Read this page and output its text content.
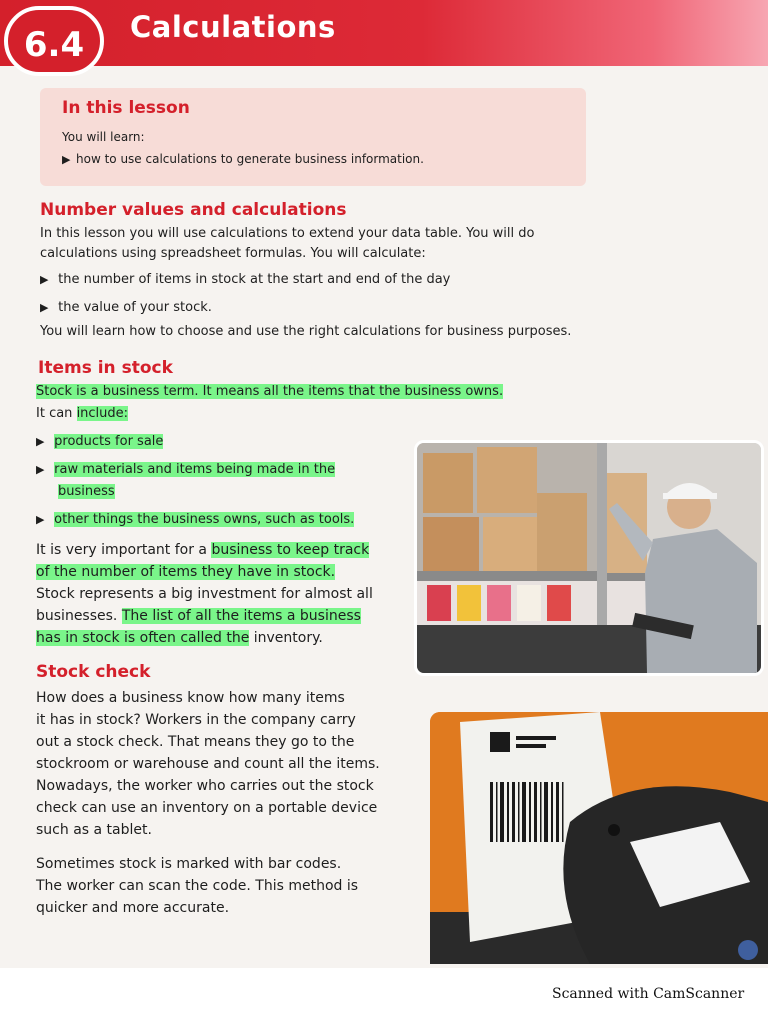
6.4	Calculations
In this lesson
You will learn:
▶ how to use calculations to generate business information.
Number values and calculations
In this lesson you will use calculations to extend your data table. You will do
calculations using spreadsheet formulas. You will calculate:
▶ the number of items in stock at the start and end of the day
▶ the value of your stock.
You will learn how to choose and use the right calculations for business purposes.
Items in stock
Stock is a business term. It means all the items that the business owns.
It can include:
▶ products for sale
▶ raw materials and items being made in the
business
▶ other things the business owns, such as tools.
It is very important for a business to keep track
of the number of items they have in stock.
Stock represents a big investment for almost all
businesses. The list of all the items a business
has in stock is often called the inventory.
Stock check
How does a business know how many items
it has in stock? Workers in the company carry
out a stock check. That means they go to the
stockroom or warehouse and count all the items.
Nowadays, the worker who carries out the stock
check can use an inventory on a portable device
such as a tablet.
Sometimes stock is marked with bar codes.
The worker can scan the code. This method is
quicker and more accurate.
Scanned with CamScanner
